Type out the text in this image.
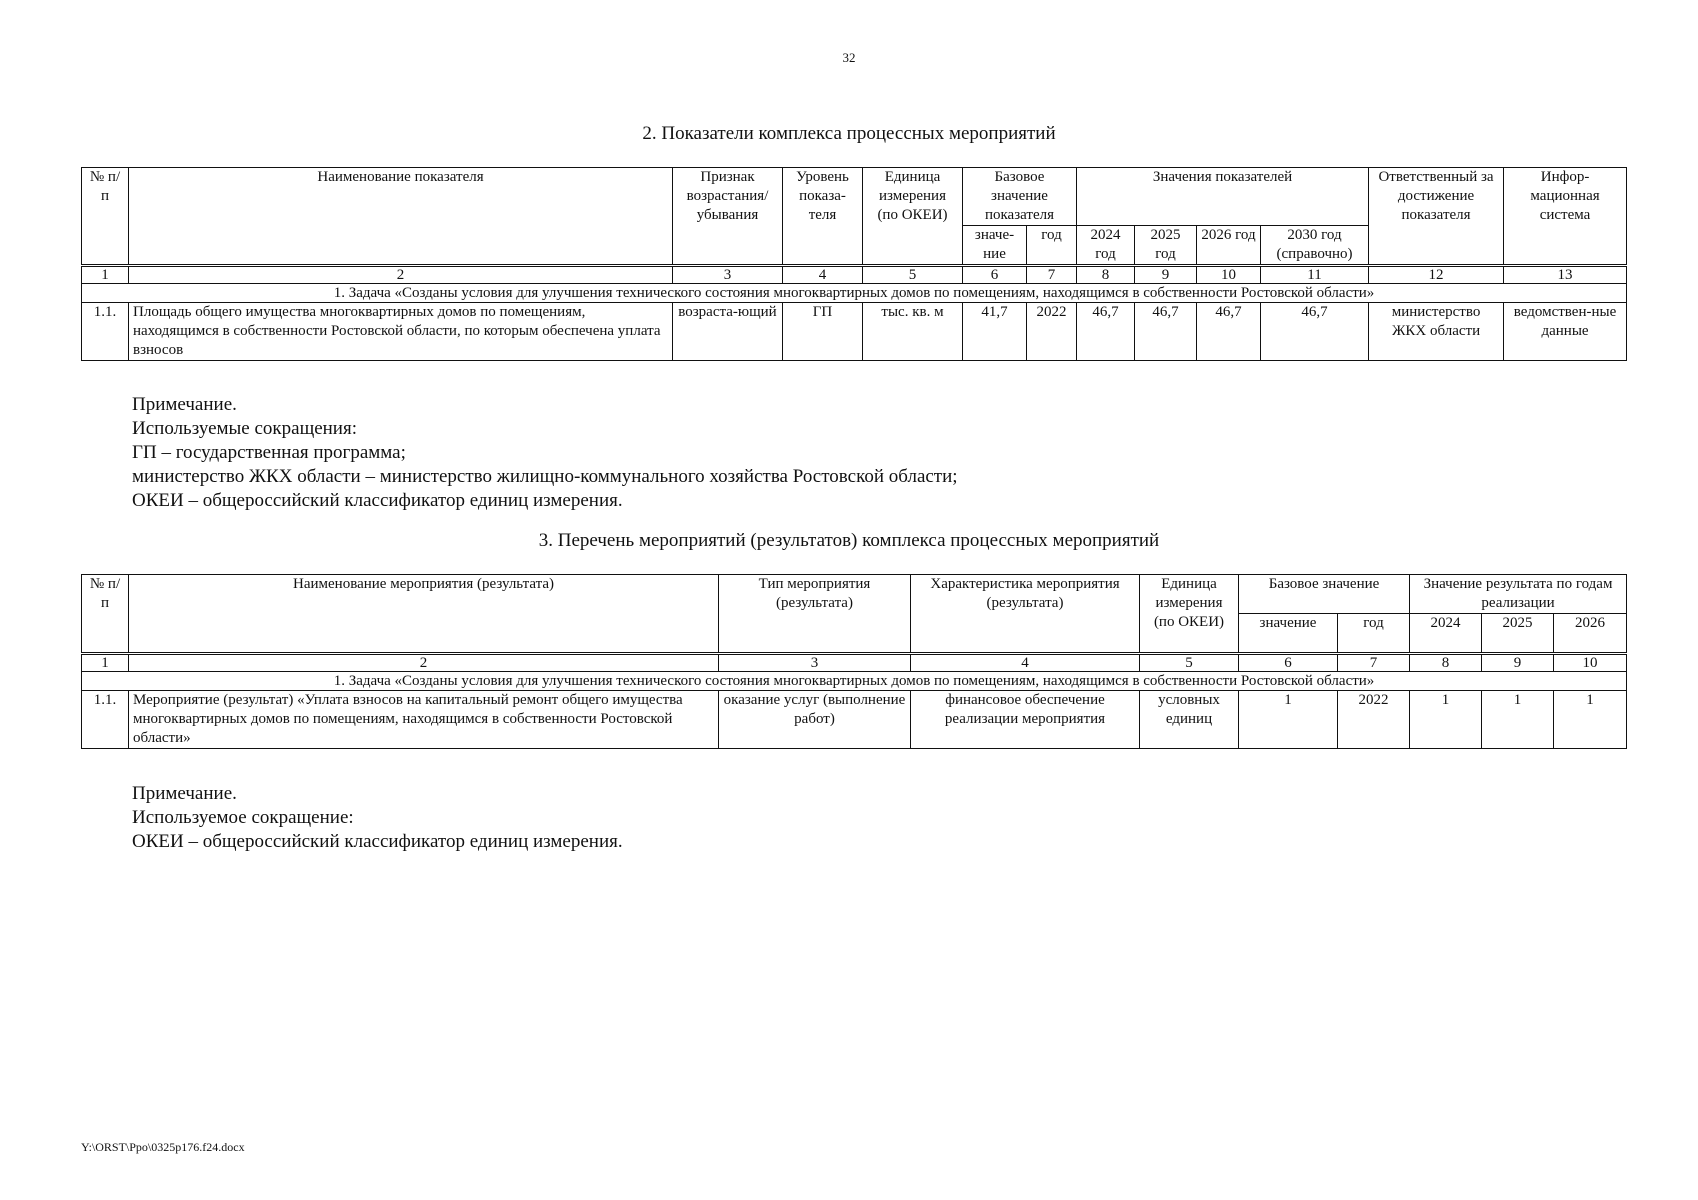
32
2. Показатели комплекса процессных мероприятий
№ п/п	Наименование показателя	Признак возрастания/ убывания	Уровень показа-теля	Единица измерения (по ОКЕИ)	Базовое значение показателя		Значения показателей				Ответственный за достижение показателя	Инфор-мационная система
					значе-ние	год	2024 год	2025 год	2026 год	2030 год (справочно)		
1	2	3	4	5	6	7	8	9	10	11	12	13
1. Задача «Созданы условия для улучшения технического состояния многоквартирных домов по помещениям, находящимся в собственности Ростовской области»												
1.1.	Площадь общего имущества многоквартирных домов по помещениям, находящимся в собственности Ростовской области, по которым обеспечена уплата взносов	возраста-ющий	ГП	тыс. кв. м	41,7	2022	46,7	46,7	46,7	46,7	министерство ЖКХ области	ведомствен-ные данные
Примечание.
Используемые сокращения:
ГП – государственная программа;
министерство ЖКХ области – министерство жилищно-коммунального хозяйства Ростовской области;
ОКЕИ – общероссийский классификатор единиц измерения.
3. Перечень мероприятий (результатов) комплекса процессных мероприятий
№ п/п	Наименование мероприятия (результата)	Тип мероприятия (результата)	Характеристика мероприятия (результата)	Единица измерения (по ОКЕИ)	Базовое значение		Значение результата по годам реализации		
					значение	год	2024	2025	2026
1	2	3	4	5	6	7	8	9	10
1. Задача «Созданы условия для улучшения технического состояния многоквартирных домов по помещениям, находящимся в собственности Ростовской области»									
1.1.	Мероприятие (результат) «Уплата взносов на капитальный ремонт общего имущества многоквартирных домов по помещениям, находящимся в собственности Ростовской области»	оказание услуг (выполнение работ)	финансовое обеспечение реализации мероприятия	условных единиц	1	2022	1	1	1
Примечание.
Используемое сокращение:
ОКЕИ – общероссийский классификатор единиц измерения.
Y:\ORST\Ppo\0325p176.f24.docx
